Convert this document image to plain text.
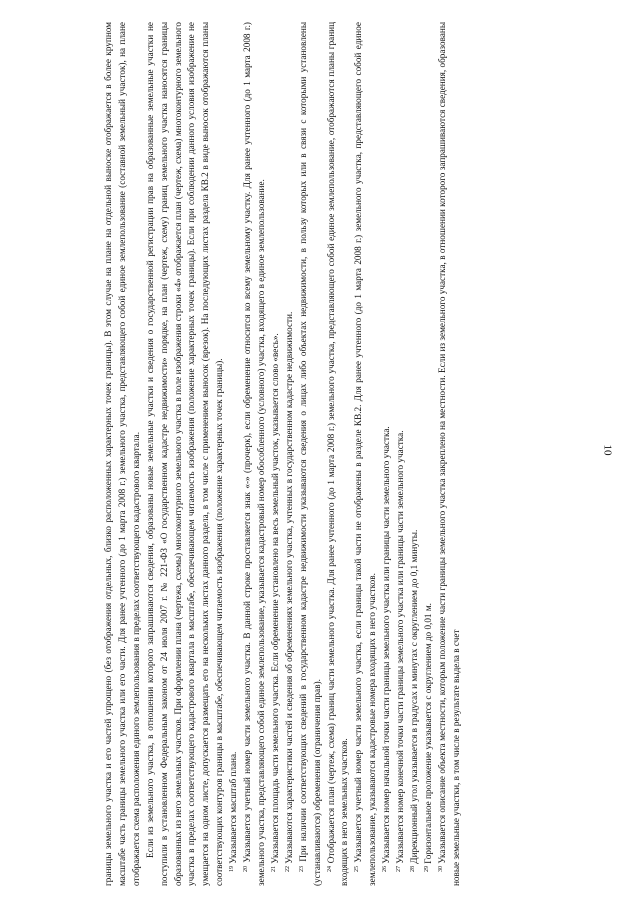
10

границы земельного участка и его частей упрощено (без отображения отдельных, близко расположенных характерных точек границы). В этом случае на плане на отдельной выноске отображается в более крупном масштабе часть границы земельного участка или его части. Для ранее учтенного (до 1 марта 2008 г.) земельного участка, представляющего собой единое землепользование (составной земельный участок), на плане отображается схема расположения единого землепользования в пределах соответствующего кадастрового квартала. Если из земельного участка, в отношении которого запрашиваются сведения, образованы новые земельные участки и сведения о государственной регистрации прав на образованные земельные участки не поступили в установленном Федеральным законом от 24 июля 2007 г. № 221-ФЗ «О государственном кадастре недвижимости» порядке, на план (чертеж, схему) границ земельного участка наносятся границы образованных из него земельных участков. При оформлении плана (чертежа, схемы) многоконтурного земельного участка в поле изображения строки «4» отображается план (чертеж, схема) многоконтурного земельного участка в пределах соответствующего кадастрового квартала в масштабе, обеспечивающем читаемость изображения (положение характерных точек границы). Если при соблюдении данного условия изображение не умещается на одном листе, допускается размещать его на нескольких листах данного раздела, в том числе с применением выносок (врезок). На последующих листах раздела КВ.2 в виде выносок отображаются планы соответствующих контуров границы в масштабе, обеспечивающем читаемость изображения (положение характерных точек границы). $^{19}$ Указывается масштаб плана.

$^{20}$ Указывается учетный номер части земельного участка. В данной строке проставляется знак «-» (прочерк), если обременение относится ко всему земельному участку. Для ранее учтенного (до 1 марта 2008 г.) земельного участка, представляющего собой единое землепользование, указывается кадастровый номер обособленного (условного) участка, входящего в единое землепользование. $^{21}$ Указывается площадь части земельного участка. Если обременение установлено на весь земельный участок, указывается слово «весь».

$^{22}$ Указываются характеристики частей и сведения об обременениях земельного участка, учтенных в государственном кадастре недвижимости.

$^{23}$ При наличии соответствующих сведений в государственном кадастре недвижимости указываются сведения о лицах либо объектах недвижимости, в пользу которых или в связи с которыми установлены (устанавливаются) обременения (ограничения прав). $^{24}$ Отображается план (чертеж, схема) границ части земельного участка. Для ранее учтенного (до 1 марта 2008 г.) земельного участка, представляющего собой единое землепользование, отображаются планы границ входящих в него земельных участков. $^{25}$ Указывается учетный номер части земельного участка, если границы такой части не отображены в разделе КВ.2. Для ранее учтенного (до 1 марта 2008 г.) земельного участка, представляющего собой единое землепользование, указываются кадастровые номера входящих в него участков. $^{26}$ Указывается номер начальной точки части границы земельного участка или границы части земельного участка.

$^{27}$ Указывается номер конечной точки части границы земельного участка или границы части земельного участка.

$^{28}$ Дирекционный угол указывается в градусах и минутах с округлением до 0,1 минуты.

$^{29}$ Горизонтальное проложение указывается с округлением до 0,01 м.

$^{30}$ Указывается описание объекта местности, которым положение части границы земельного участка закреплено на местности. Если из земельного участка, в отношении которого запрашиваются сведения, образованы новые земельные участки, в том числе в результате выдела в счет
